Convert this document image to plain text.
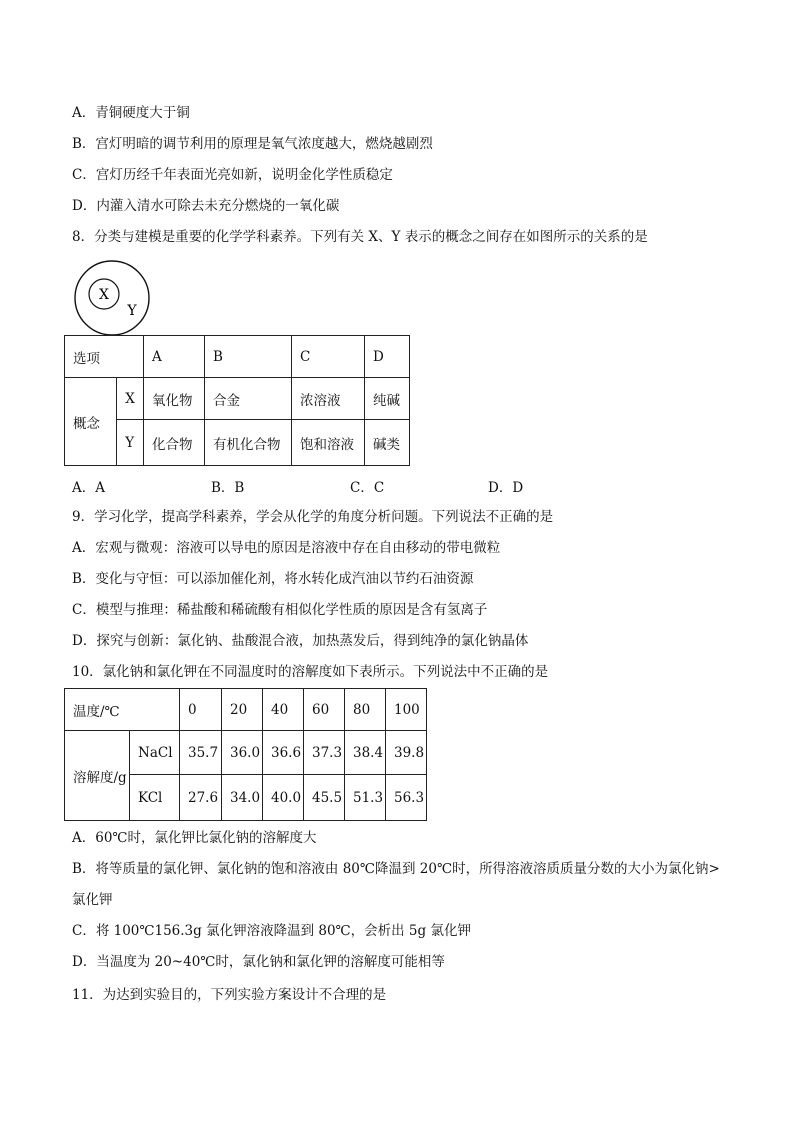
A．青铜硬度大于铜
B．宫灯明暗的调节利用的原理是氧气浓度越大，燃烧越剧烈
C．宫灯历经千年表面光亮如新，说明金化学性质稳定
D．内灌入清水可除去未充分燃烧的一氧化碳
8．分类与建模是重要的化学学科素养。下列有关 X、Y 表示的概念之间存在如图所示的关系的是
X
Y
选项		A	B	C	D
概念	X	氧化物	合金	浓溶液	纯碱
	Y	化合物	有机化合物	饱和溶液	碱类
A．A	B．B	C．C	D．D
9．学习化学，提高学科素养，学会从化学的角度分析问题。下列说法不正确的是
A．宏观与微观：溶液可以导电的原因是溶液中存在自由移动的带电微粒
B．变化与守恒：可以添加催化剂，将水转化成汽油以节约石油资源
C．模型与推理：稀盐酸和稀硫酸有相似化学性质的原因是含有氢离子
D．探究与创新：氯化钠、盐酸混合液，加热蒸发后，得到纯净的氯化钠晶体
10．氯化钠和氯化钾在不同温度时的溶解度如下表所示。下列说法中不正确的是
温度/℃		0	20	40	60	80	100
溶解度/g	NaCl	35.7	36.0	36.6	37.3	38.4	39.8
	KCl	27.6	34.0	40.0	45.5	51.3	56.3
A．60℃时，氯化钾比氯化钠的溶解度大
B．将等质量的氯化钾、氯化钠的饱和溶液由 80℃降温到 20℃时，所得溶液溶质质量分数的大小为氯化钠>
氯化钾
C．将 100℃156.3g 氯化钾溶液降温到 80℃，会析出 5g 氯化钾
D．当温度为 20~40℃时，氯化钠和氯化钾的溶解度可能相等
11．为达到实验目的，下列实验方案设计不合理的是
